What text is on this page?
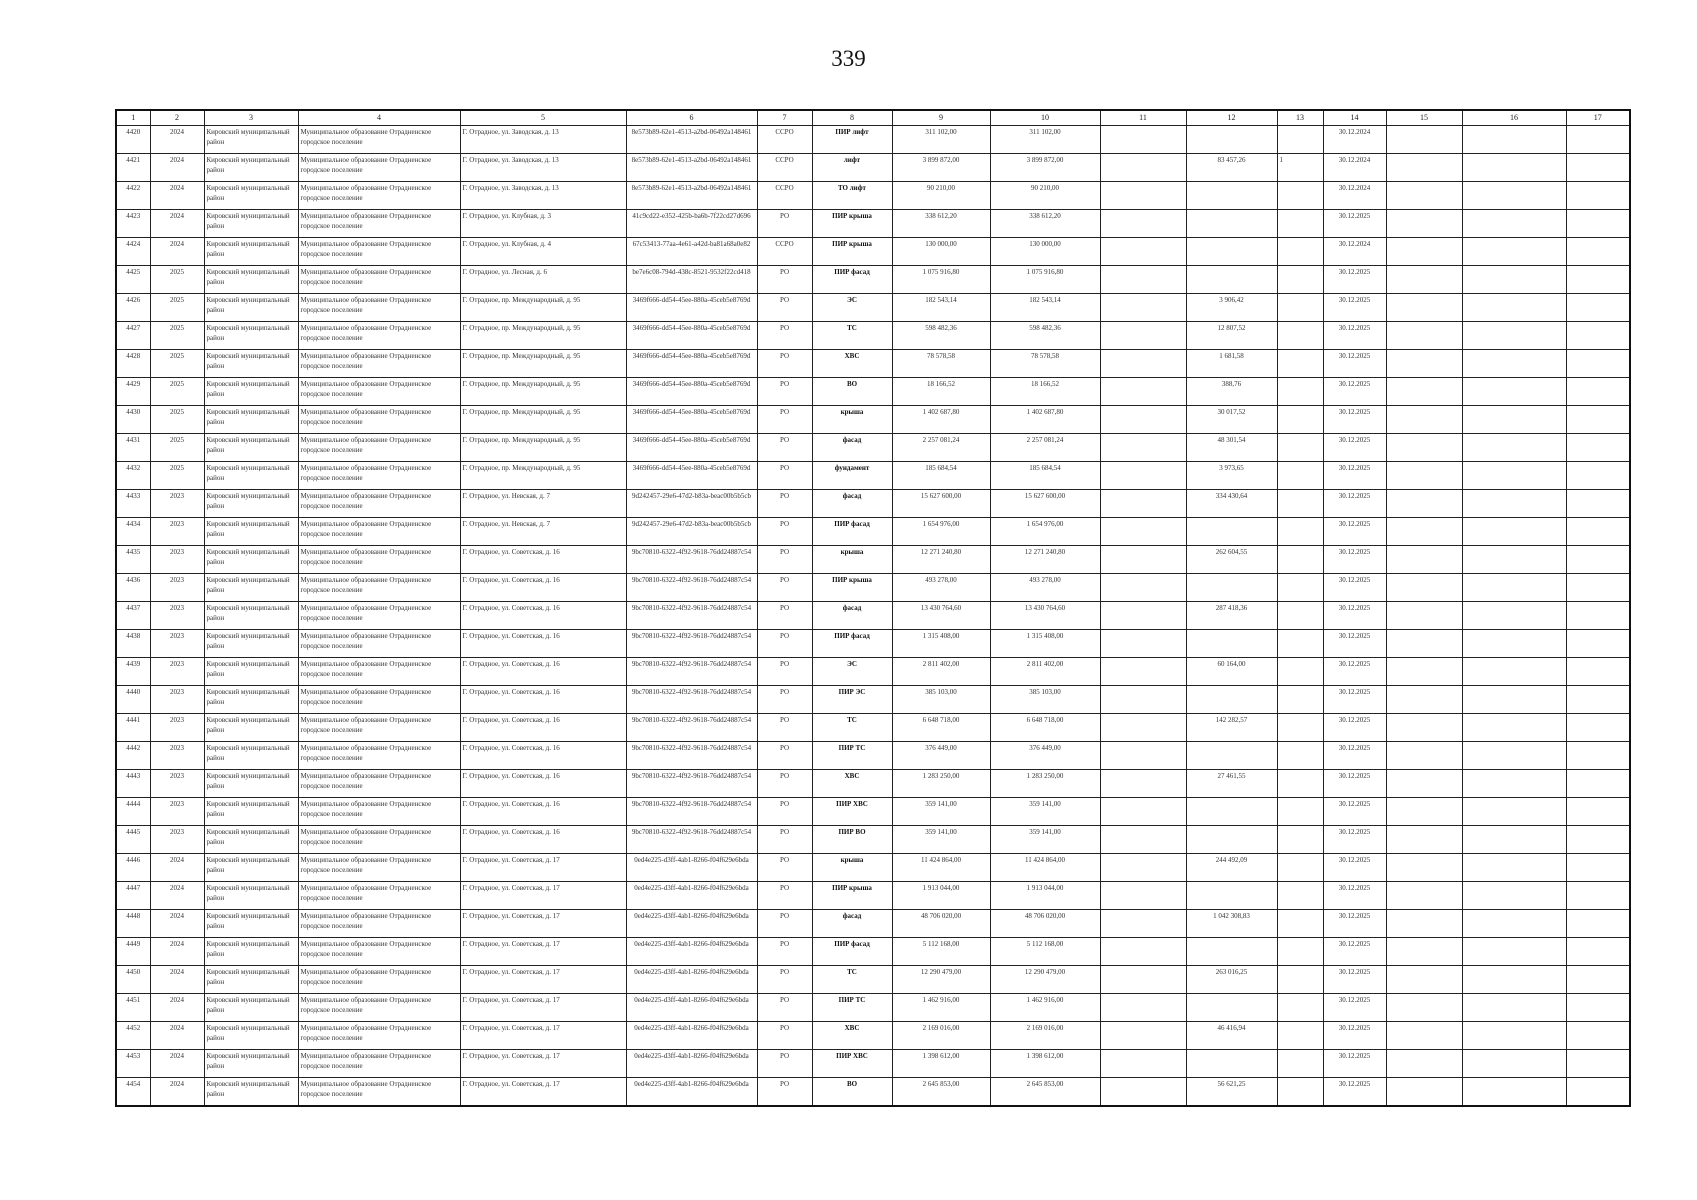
339
1	2	3	4	5	6	7	8	9	10	11	12	13	14	15	16	17
4420	2024	Кировский муниципальный район	Муниципальное образование Отрадненское городское поселение	Г. Отрадное, ул. Заводская, д. 13	8e573b89-62e1-4513-a2bd-06492a148461	ССРО	ПИР лифт	311 102,00	311 102,00				30.12.2024			
4421	2024	Кировский муниципальный район	Муниципальное образование Отрадненское городское поселение	Г. Отрадное, ул. Заводская, д. 13	8e573b89-62e1-4513-a2bd-06492a148461	ССРО	лифт	3 899 872,00	3 899 872,00		83 457,26	1	30.12.2024			
4422	2024	Кировский муниципальный район	Муниципальное образование Отрадненское городское поселение	Г. Отрадное, ул. Заводская, д. 13	8e573b89-62e1-4513-a2bd-06492a148461	ССРО	ТО лифт	90 210,00	90 210,00				30.12.2024			
4423	2024	Кировский муниципальный район	Муниципальное образование Отрадненское городское поселение	Г. Отрадное, ул. Клубная, д. 3	41c9cd22-e352-425b-ba6b-7f22cd27d696	РО	ПИР крыша	338 612,20	338 612,20				30.12.2025			
4424	2024	Кировский муниципальный район	Муниципальное образование Отрадненское городское поселение	Г. Отрадное, ул. Клубная, д. 4	67c53413-77aa-4e61-a42d-ba81a68a0e82	ССРО	ПИР крыша	130 000,00	130 000,00				30.12.2024			
4425	2025	Кировский муниципальный район	Муниципальное образование Отрадненское городское поселение	Г. Отрадное, ул. Лесная, д. 6	be7e6c08-794d-438c-8521-9532f22cd418	РО	ПИР фасад	1 075 916,80	1 075 916,80				30.12.2025			
4426	2025	Кировский муниципальный район	Муниципальное образование Отрадненское городское поселение	Г. Отрадное, пр. Международный, д. 95	3469f666-dd54-45ee-880a-45ceb5e8769d	РО	ЭС	182 543,14	182 543,14		3 906,42		30.12.2025			
4427	2025	Кировский муниципальный район	Муниципальное образование Отрадненское городское поселение	Г. Отрадное, пр. Международный, д. 95	3469f666-dd54-45ee-880a-45ceb5e8769d	РО	ТС	598 482,36	598 482,36		12 807,52		30.12.2025			
4428	2025	Кировский муниципальный район	Муниципальное образование Отрадненское городское поселение	Г. Отрадное, пр. Международный, д. 95	3469f666-dd54-45ee-880a-45ceb5e8769d	РО	ХВС	78 578,58	78 578,58		1 681,58		30.12.2025			
4429	2025	Кировский муниципальный район	Муниципальное образование Отрадненское городское поселение	Г. Отрадное, пр. Международный, д. 95	3469f666-dd54-45ee-880a-45ceb5e8769d	РО	ВО	18 166,52	18 166,52		388,76		30.12.2025			
4430	2025	Кировский муниципальный район	Муниципальное образование Отрадненское городское поселение	Г. Отрадное, пр. Международный, д. 95	3469f666-dd54-45ee-880a-45ceb5e8769d	РО	крыша	1 402 687,80	1 402 687,80		30 017,52		30.12.2025			
4431	2025	Кировский муниципальный район	Муниципальное образование Отрадненское городское поселение	Г. Отрадное, пр. Международный, д. 95	3469f666-dd54-45ee-880a-45ceb5e8769d	РО	фасад	2 257 081,24	2 257 081,24		48 301,54		30.12.2025			
4432	2025	Кировский муниципальный район	Муниципальное образование Отрадненское городское поселение	Г. Отрадное, пр. Международный, д. 95	3469f666-dd54-45ee-880a-45ceb5e8769d	РО	фундамент	185 684,54	185 684,54		3 973,65		30.12.2025			
4433	2023	Кировский муниципальный район	Муниципальное образование Отрадненское городское поселение	Г. Отрадное, ул. Невская, д. 7	9d242457-29e6-47d2-b83a-beac00b5b5cb	РО	фасад	15 627 600,00	15 627 600,00		334 430,64		30.12.2025			
4434	2023	Кировский муниципальный район	Муниципальное образование Отрадненское городское поселение	Г. Отрадное, ул. Невская, д. 7	9d242457-29e6-47d2-b83a-beac00b5b5cb	РО	ПИР фасад	1 654 976,00	1 654 976,00				30.12.2025			
4435	2023	Кировский муниципальный район	Муниципальное образование Отрадненское городское поселение	Г. Отрадное, ул. Советская, д. 16	9bc70810-6322-4f92-9618-76dd24887c54	РО	крыша	12 271 240,80	12 271 240,80		262 604,55		30.12.2025			
4436	2023	Кировский муниципальный район	Муниципальное образование Отрадненское городское поселение	Г. Отрадное, ул. Советская, д. 16	9bc70810-6322-4f92-9618-76dd24887c54	РО	ПИР крыша	493 278,00	493 278,00				30.12.2025			
4437	2023	Кировский муниципальный район	Муниципальное образование Отрадненское городское поселение	Г. Отрадное, ул. Советская, д. 16	9bc70810-6322-4f92-9618-76dd24887c54	РО	фасад	13 430 764,60	13 430 764,60		287 418,36		30.12.2025			
4438	2023	Кировский муниципальный район	Муниципальное образование Отрадненское городское поселение	Г. Отрадное, ул. Советская, д. 16	9bc70810-6322-4f92-9618-76dd24887c54	РО	ПИР фасад	1 315 408,00	1 315 408,00				30.12.2025			
4439	2023	Кировский муниципальный район	Муниципальное образование Отрадненское городское поселение	Г. Отрадное, ул. Советская, д. 16	9bc70810-6322-4f92-9618-76dd24887c54	РО	ЭС	2 811 402,00	2 811 402,00		60 164,00		30.12.2025			
4440	2023	Кировский муниципальный район	Муниципальное образование Отрадненское городское поселение	Г. Отрадное, ул. Советская, д. 16	9bc70810-6322-4f92-9618-76dd24887c54	РО	ПИР ЭС	385 103,00	385 103,00				30.12.2025			
4441	2023	Кировский муниципальный район	Муниципальное образование Отрадненское городское поселение	Г. Отрадное, ул. Советская, д. 16	9bc70810-6322-4f92-9618-76dd24887c54	РО	ТС	6 648 718,00	6 648 718,00		142 282,57		30.12.2025			
4442	2023	Кировский муниципальный район	Муниципальное образование Отрадненское городское поселение	Г. Отрадное, ул. Советская, д. 16	9bc70810-6322-4f92-9618-76dd24887c54	РО	ПИР ТС	376 449,00	376 449,00				30.12.2025			
4443	2023	Кировский муниципальный район	Муниципальное образование Отрадненское городское поселение	Г. Отрадное, ул. Советская, д. 16	9bc70810-6322-4f92-9618-76dd24887c54	РО	ХВС	1 283 250,00	1 283 250,00		27 461,55		30.12.2025			
4444	2023	Кировский муниципальный район	Муниципальное образование Отрадненское городское поселение	Г. Отрадное, ул. Советская, д. 16	9bc70810-6322-4f92-9618-76dd24887c54	РО	ПИР ХВС	359 141,00	359 141,00				30.12.2025			
4445	2023	Кировский муниципальный район	Муниципальное образование Отрадненское городское поселение	Г. Отрадное, ул. Советская, д. 16	9bc70810-6322-4f92-9618-76dd24887c54	РО	ПИР ВО	359 141,00	359 141,00				30.12.2025			
4446	2024	Кировский муниципальный район	Муниципальное образование Отрадненское городское поселение	Г. Отрадное, ул. Советская, д. 17	0ed4e225-d3ff-4ab1-8266-f04f629e6bda	РО	крыша	11 424 864,00	11 424 864,00		244 492,09		30.12.2025			
4447	2024	Кировский муниципальный район	Муниципальное образование Отрадненское городское поселение	Г. Отрадное, ул. Советская, д. 17	0ed4e225-d3ff-4ab1-8266-f04f629e6bda	РО	ПИР крыша	1 913 044,00	1 913 044,00				30.12.2025			
4448	2024	Кировский муниципальный район	Муниципальное образование Отрадненское городское поселение	Г. Отрадное, ул. Советская, д. 17	0ed4e225-d3ff-4ab1-8266-f04f629e6bda	РО	фасад	48 706 020,00	48 706 020,00		1 042 308,83		30.12.2025			
4449	2024	Кировский муниципальный район	Муниципальное образование Отрадненское городское поселение	Г. Отрадное, ул. Советская, д. 17	0ed4e225-d3ff-4ab1-8266-f04f629e6bda	РО	ПИР фасад	5 112 168,00	5 112 168,00				30.12.2025			
4450	2024	Кировский муниципальный район	Муниципальное образование Отрадненское городское поселение	Г. Отрадное, ул. Советская, д. 17	0ed4e225-d3ff-4ab1-8266-f04f629e6bda	РО	ТС	12 290 479,00	12 290 479,00		263 016,25		30.12.2025			
4451	2024	Кировский муниципальный район	Муниципальное образование Отрадненское городское поселение	Г. Отрадное, ул. Советская, д. 17	0ed4e225-d3ff-4ab1-8266-f04f629e6bda	РО	ПИР ТС	1 462 916,00	1 462 916,00				30.12.2025			
4452	2024	Кировский муниципальный район	Муниципальное образование Отрадненское городское поселение	Г. Отрадное, ул. Советская, д. 17	0ed4e225-d3ff-4ab1-8266-f04f629e6bda	РО	ХВС	2 169 016,00	2 169 016,00		46 416,94		30.12.2025			
4453	2024	Кировский муниципальный район	Муниципальное образование Отрадненское городское поселение	Г. Отрадное, ул. Советская, д. 17	0ed4e225-d3ff-4ab1-8266-f04f629e6bda	РО	ПИР ХВС	1 398 612,00	1 398 612,00				30.12.2025			
4454	2024	Кировский муниципальный район	Муниципальное образование Отрадненское городское поселение	Г. Отрадное, ул. Советская, д. 17	0ed4e225-d3ff-4ab1-8266-f04f629e6bda	РО	ВО	2 645 853,00	2 645 853,00		56 621,25		30.12.2025			
